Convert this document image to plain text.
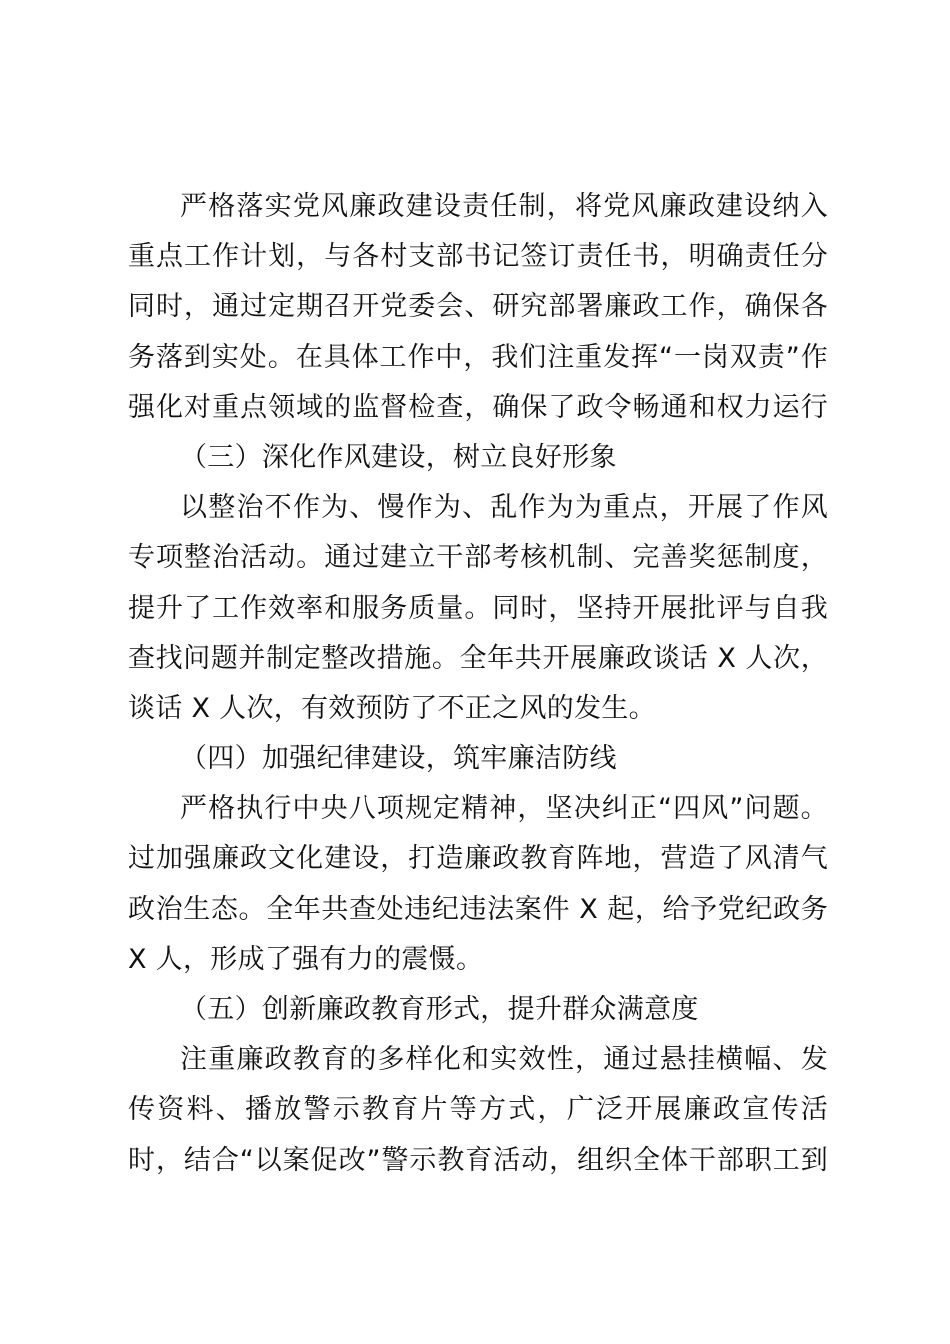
严格落实党风廉政建设责任制，将党风廉政建设纳入
重点工作计划，与各村支部书记签订责任书，明确责任分
同时，通过定期召开党委会、研究部署廉政工作，确保各
务落到实处。在具体工作中，我们注重发挥“一岗双责”作
强化对重点领域的监督检查，确保了政令畅通和权力运行
（三）深化作风建设，树立良好形象
以整治不作为、慢作为、乱作为为重点，开展了作风
专项整治活动。通过建立干部考核机制、完善奖惩制度，
提升了工作效率和服务质量。同时，坚持开展批评与自我
查找问题并制定整改措施。全年共开展廉政谈话 X 人次，
谈话 X 人次，有效预防了不正之风的发生。
（四）加强纪律建设，筑牢廉洁防线
严格执行中央八项规定精神，坚决纠正“四风”问题。
过加强廉政文化建设，打造廉政教育阵地，营造了风清气
政治生态。全年共查处违纪违法案件 X 起，给予党纪政务
X 人，形成了强有力的震慑。
（五）创新廉政教育形式，提升群众满意度
注重廉政教育的多样化和实效性，通过悬挂横幅、发
传资料、播放警示教育片等方式，广泛开展廉政宣传活
时，结合“以案促改”警示教育活动，组织全体干部职工到
